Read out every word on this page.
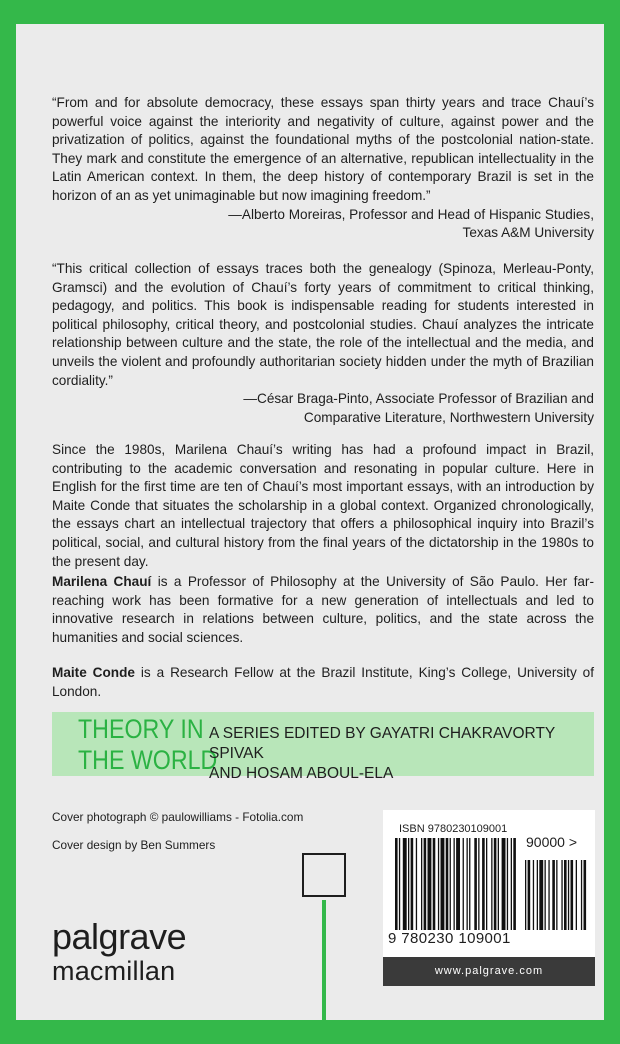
“From and for absolute democracy, these essays span thirty years and trace Chauí’s powerful voice against the interiority and negativity of culture, against power and the privatization of politics, against the foundational myths of the postcolonial nation-state. They mark and constitute the emergence of an alternative, republican intellectuality in the Latin American context. In them, the deep history of contemporary Brazil is set in the horizon of an as yet unimaginable but now imagining freedom.”
—Alberto Moreiras, Professor and Head of Hispanic Studies,
Texas A&M University
“This critical collection of essays traces both the genealogy (Spinoza, Merleau-Ponty, Gramsci) and the evolution of Chauí’s forty years of commitment to critical thinking, pedagogy, and politics. This book is indispensable reading for students interested in political philosophy, critical theory, and postcolonial studies. Chauí analyzes the intricate relationship between culture and the state, the role of the intellectual and the media, and unveils the violent and profoundly authoritarian society hidden under the myth of Brazilian cordiality.”
—César Braga-Pinto, Associate Professor of Brazilian and
Comparative Literature, Northwestern University
Since the 1980s, Marilena Chauí’s writing has had a profound impact in Brazil, contributing to the academic conversation and resonating in popular culture. Here in English for the first time are ten of Chauí’s most important essays, with an introduction by Maite Conde that situates the scholarship in a global context. Organized chronologically, the essays chart an intellectual trajectory that offers a philosophical inquiry into Brazil’s political, social, and cultural history from the final years of the dictatorship in the 1980s to the present day.
Marilena Chauí is a Professor of Philosophy at the University of São Paulo. Her far-reaching work has been formative for a new generation of intellectuals and led to innovative research in relations between culture, politics, and the state across the humanities and social sciences.
Maite Conde is a Research Fellow at the Brazil Institute, King’s College, University of London.
THEORY IN
THE WORLD
A SERIES EDITED BY GAYATRI CHAKRAVORTY SPIVAK
AND HOSAM ABOUL-ELA
Cover photograph © paulowilliams - Fotolia.com
Cover design by Ben Summers
palgrave
macmillan
ISBN 9780230109001
90000 >
9 780230 109001
www.palgrave.com
